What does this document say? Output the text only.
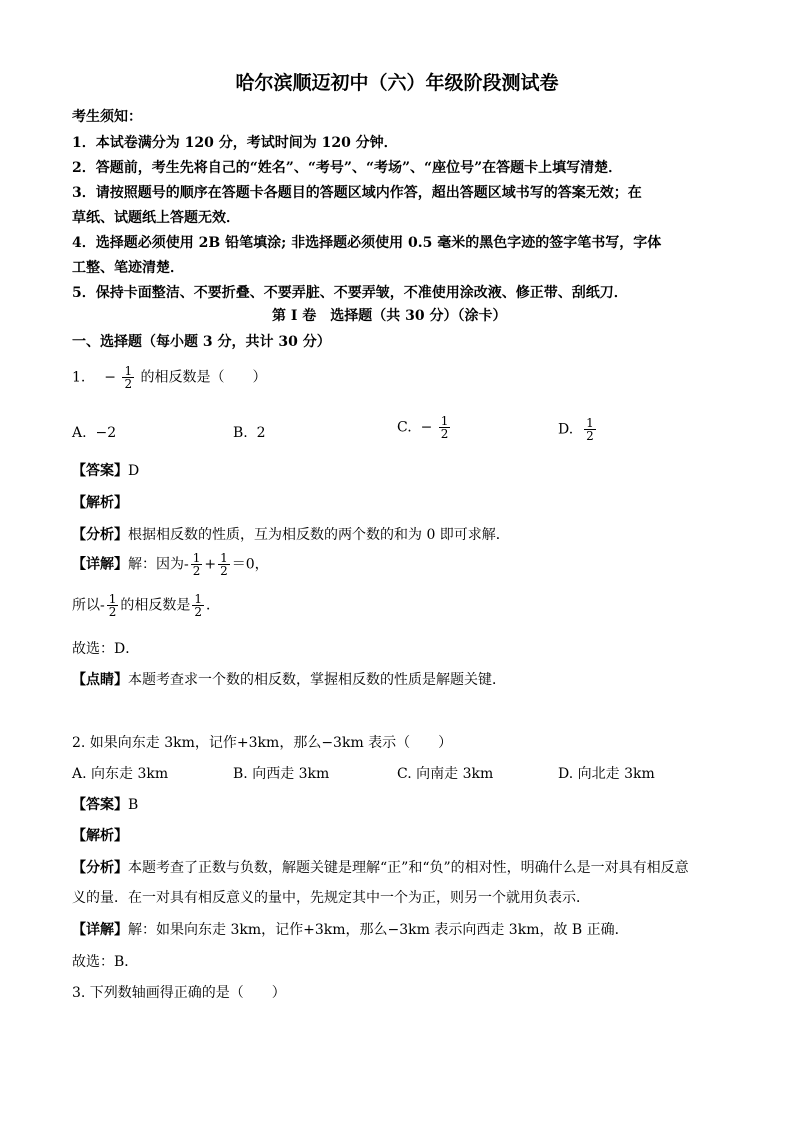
哈尔滨顺迈初中（六）年级阶段测试卷
考生须知：
1．本试卷满分为 120 分，考试时间为 120 分钟．
2．答题前，考生先将自己的“姓名”、“考号”、“考场”、“座位号”在答题卡上填写清楚．
3．请按照题号的顺序在答题卡各题目的答题区域内作答，超出答题区域书写的答案无效；在
草纸、试题纸上答题无效．
4．选择题必须使用 2B 铅笔填涂; 非选择题必须使用 0.5 毫米的黑色字迹的签字笔书写，字体
工整、笔迹清楚．
5．保持卡面整洁、不要折叠、不要弄脏、不要弄皱，不准使用涂改液、修正带、刮纸刀．
第 I 卷　选择题（共 30 分）（涂卡）
一、选择题（每小题 3 分，共计 30 分）
1. − $\frac{1}{2}$ 的相反数是（　　）
A. −2	B. 2	C. − $\frac{1}{2}$	D. $\frac{1}{2}$
【答案】D
【解析】
【分析】根据相反数的性质，互为相反数的两个数的和为 0 即可求解．
【详解】解：因为- $\frac{1}{2} + \frac{1}{2} =0$，
所以- $\frac{1}{2}$ 的相反数是 $\frac{1}{2}$ ．
故选：D．
【点睛】本题考查求一个数的相反数，掌握相反数的性质是解题关键．
2. 如果向东走 3km，记作+3km，那么−3km 表示（　　）
A. 向东走 3km	B. 向西走 3km	C. 向南走 3km	D. 向北走 3km
【答案】B
【解析】
【分析】本题考查了正数与负数，解题关键是理解“正”和“负”的相对性，明确什么是一对具有相反意
义的量．在一对具有相反意义的量中，先规定其中一个为正，则另一个就用负表示．
【详解】解：如果向东走 3km，记作+3km，那么−3km 表示向西走 3km，故 B 正确．
故选：B．
3. 下列数轴画得正确的是（　　）
